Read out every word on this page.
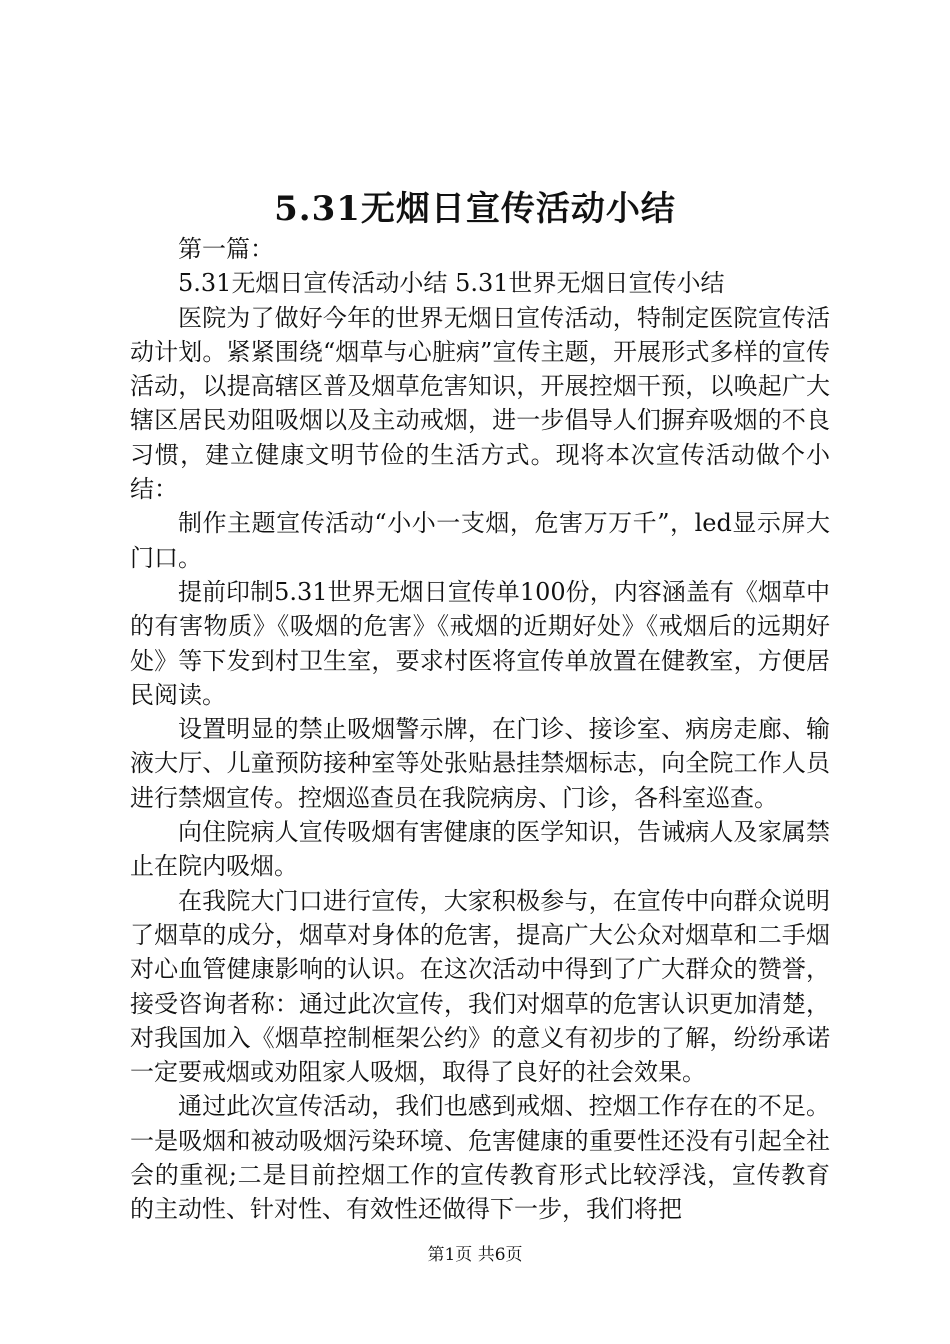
5.31无烟日宣传活动小结

第一篇：

5.31无烟日宣传活动小结 5.31世界无烟日宣传小结

医院为了做好今年的世界无烟日宣传活动，特制定医院宣传活动计划。紧紧围绕“烟草与心脏病”宣传主题，开展形式多样的宣传活动，以提高辖区普及烟草危害知识，开展控烟干预，以唤起广大辖区居民劝阻吸烟以及主动戒烟，进一步倡导人们摒弃吸烟的不良习惯，建立健康文明节俭的生活方式。现将本次宣传活动做个小结：

制作主题宣传活动“小小一支烟，危害万万千”，led显示屏大门口。

提前印制5.31世界无烟日宣传单100份，内容涵盖有《烟草中的有害物质》《吸烟的危害》《戒烟的近期好处》《戒烟后的远期好处》等下发到村卫生室，要求村医将宣传单放置在健教室，方便居民阅读。

设置明显的禁止吸烟警示牌，在门诊、接诊室、病房走廊、输液大厅、儿童预防接种室等处张贴悬挂禁烟标志，向全院工作人员进行禁烟宣传。控烟巡查员在我院病房、门诊，各科室巡查。

向住院病人宣传吸烟有害健康的医学知识，告诫病人及家属禁止在院内吸烟。

在我院大门口进行宣传，大家积极参与，在宣传中向群众说明了烟草的成分，烟草对身体的危害，提高广大公众对烟草和二手烟对心血管健康影响的认识。在这次活动中得到了广大群众的赞誉，接受咨询者称：通过此次宣传，我们对烟草的危害认识更加清楚，对我国加入《烟草控制框架公约》的意义有初步的了解，纷纷承诺一定要戒烟或劝阻家人吸烟，取得了良好的社会效果。

通过此次宣传活动，我们也感到戒烟、控烟工作存在的不足。一是吸烟和被动吸烟污染环境、危害健康的重要性还没有引起全社会的重视;二是目前控烟工作的宣传教育形式比较浮浅，宣传教育的主动性、针对性、有效性还做得下一步，我们将把

第1页 共6页
